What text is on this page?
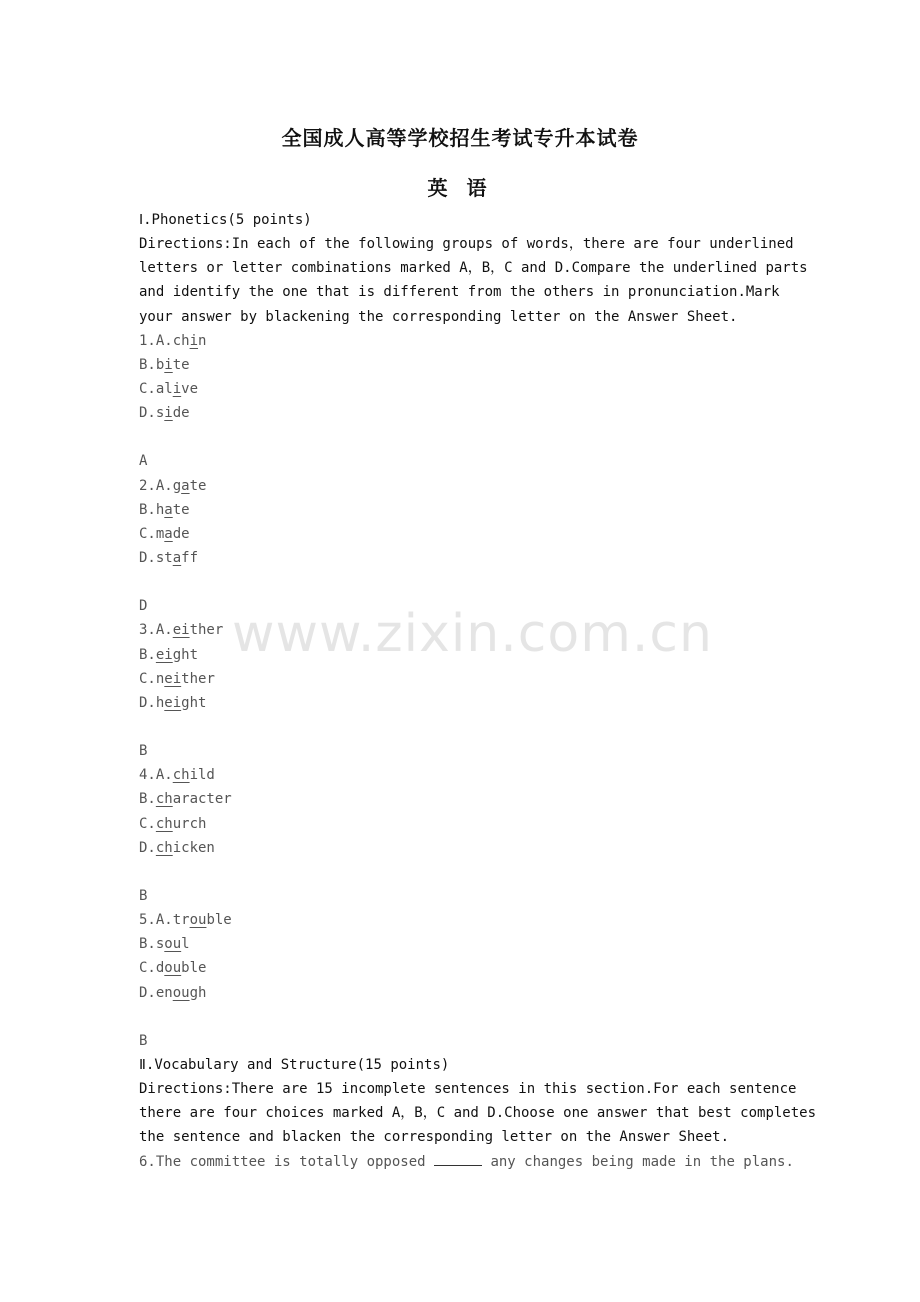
全国成人高等学校招生考试专升本试卷
英 语
Ⅰ.Phonetics(5 points)
Directions:In each of the following groups of words，there are four underlined letters or letter combinations marked A，B，C and D.Compare the underlined parts and identify the one that is different from the others in pronunciation.Mark your answer by blackening the corresponding letter on the Answer Sheet.
1.A.chin
B.bite
C.alive
D.side
A
2.A.gate
B.hate
C.made
D.staff
D
3.A.either
B.eight
C.neither
D.height
B
4.A.child
B.character
C.church
D.chicken
B
5.A.trouble
B.soul
C.double
D.enough
B
Ⅱ.Vocabulary and Structure(15 points)
Directions:There are 15 incomplete sentences in this section.For each sentence there are four choices marked A，B，C and D.Choose one answer that best completes the sentence and blacken the corresponding letter on the Answer Sheet.
6.The committee is totally opposed	any changes being made in the plans.
www.zixin.com.cn
